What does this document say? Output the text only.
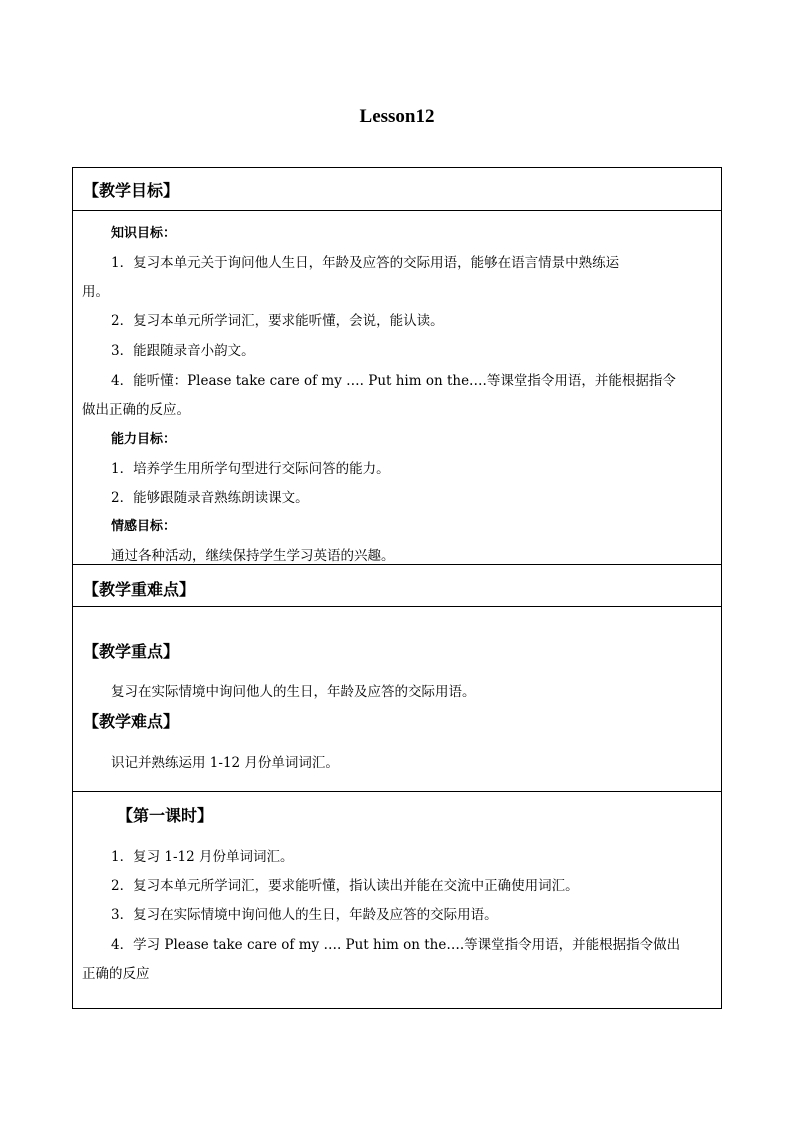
Lesson12
【教学目标】
知识目标：
1．复习本单元关于询问他人生日，年龄及应答的交际用语，能够在语言情景中熟练运
用。
2．复习本单元所学词汇，要求能听懂，会说，能认读。
3．能跟随录音小韵文。
4．能听懂：Please take care of my …. Put him on the….等课堂指令用语，并能根据指令
做出正确的反应。
能力目标：
1．培养学生用所学句型进行交际问答的能力。
2．能够跟随录音熟练朗读课文。
情感目标：
通过各种活动，继续保持学生学习英语的兴趣。
【教学重难点】
【教学重点】
复习在实际情境中询问他人的生日，年龄及应答的交际用语。
【教学难点】
识记并熟练运用 1-12 月份单词词汇。
【第一课时】
1．复习 1-12 月份单词词汇。
2．复习本单元所学词汇，要求能听懂，指认读出并能在交流中正确使用词汇。
3．复习在实际情境中询问他人的生日，年龄及应答的交际用语。
4．学习 Please take care of my …. Put him on the….等课堂指令用语，并能根据指令做出
正确的反应
